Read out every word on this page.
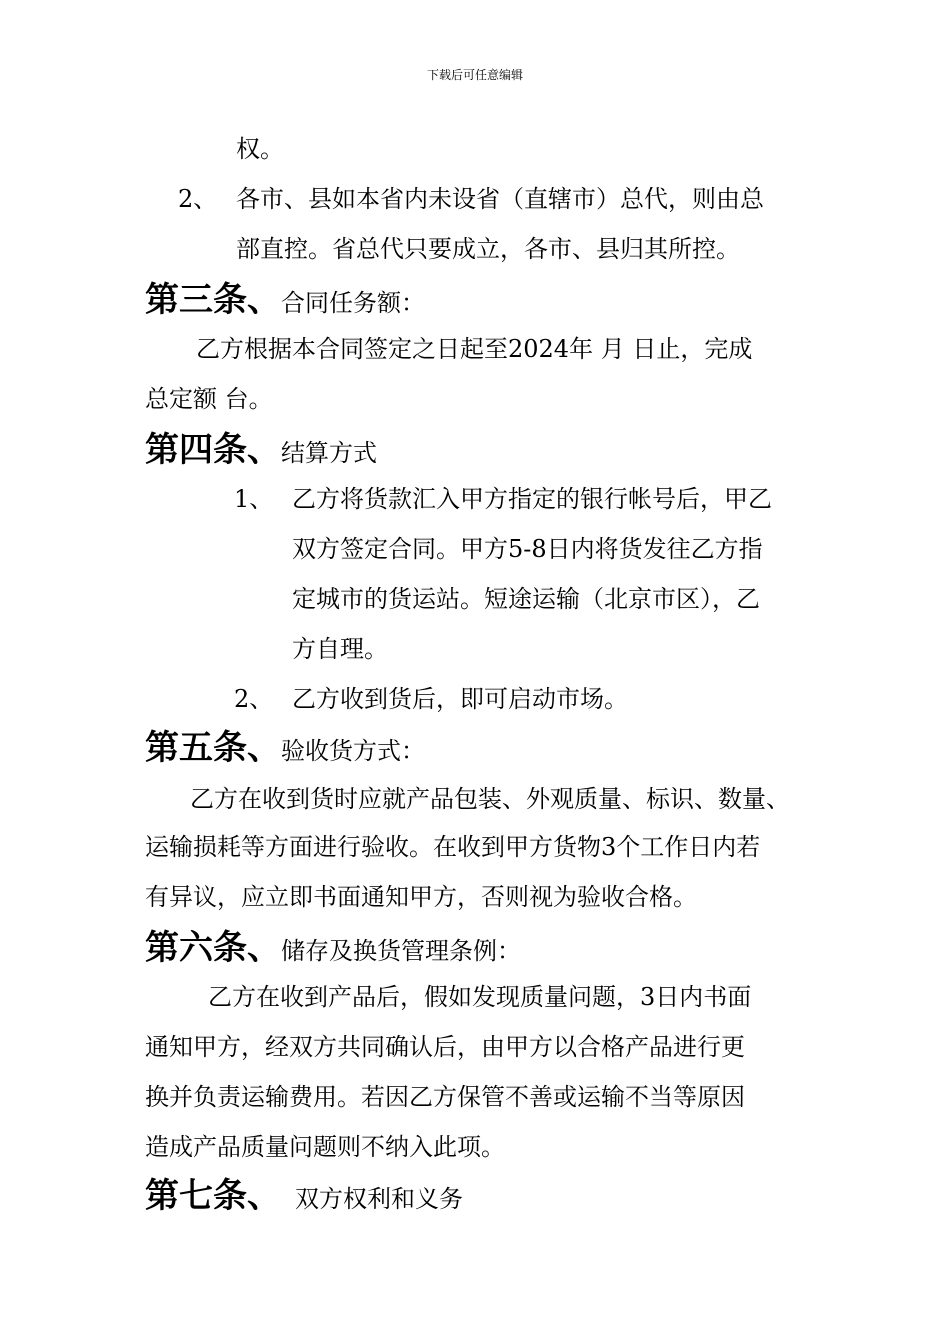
下载后可任意编辑
权。
2、 各市、县如本省内未设省（直辖市）总代，则由总
部直控。省总代只要成立，各市、县归其所控。
第三条、合同任务额：
乙方根据本合同签定之日起至2024年 月 日止，完成
总定额 台。
第四条、结算方式
1、 乙方将货款汇入甲方指定的银行帐号后，甲乙
双方签定合同。甲方5-8日内将货发往乙方指
定城市的货运站。短途运输（北京市区），乙
方自理。
2、 乙方收到货后，即可启动市场。
第五条、验收货方式：
乙方在收到货时应就产品包装、外观质量、标识、数量、
运输损耗等方面进行验收。在收到甲方货物3个工作日内若
有异议，应立即书面通知甲方，否则视为验收合格。
第六条、储存及换货管理条例：
乙方在收到产品后，假如发现质量问题，3日内书面
通知甲方，经双方共同确认后，由甲方以合格产品进行更
换并负责运输费用。若因乙方保管不善或运输不当等原因
造成产品质量问题则不纳入此项。
第七条、 双方权利和义务
